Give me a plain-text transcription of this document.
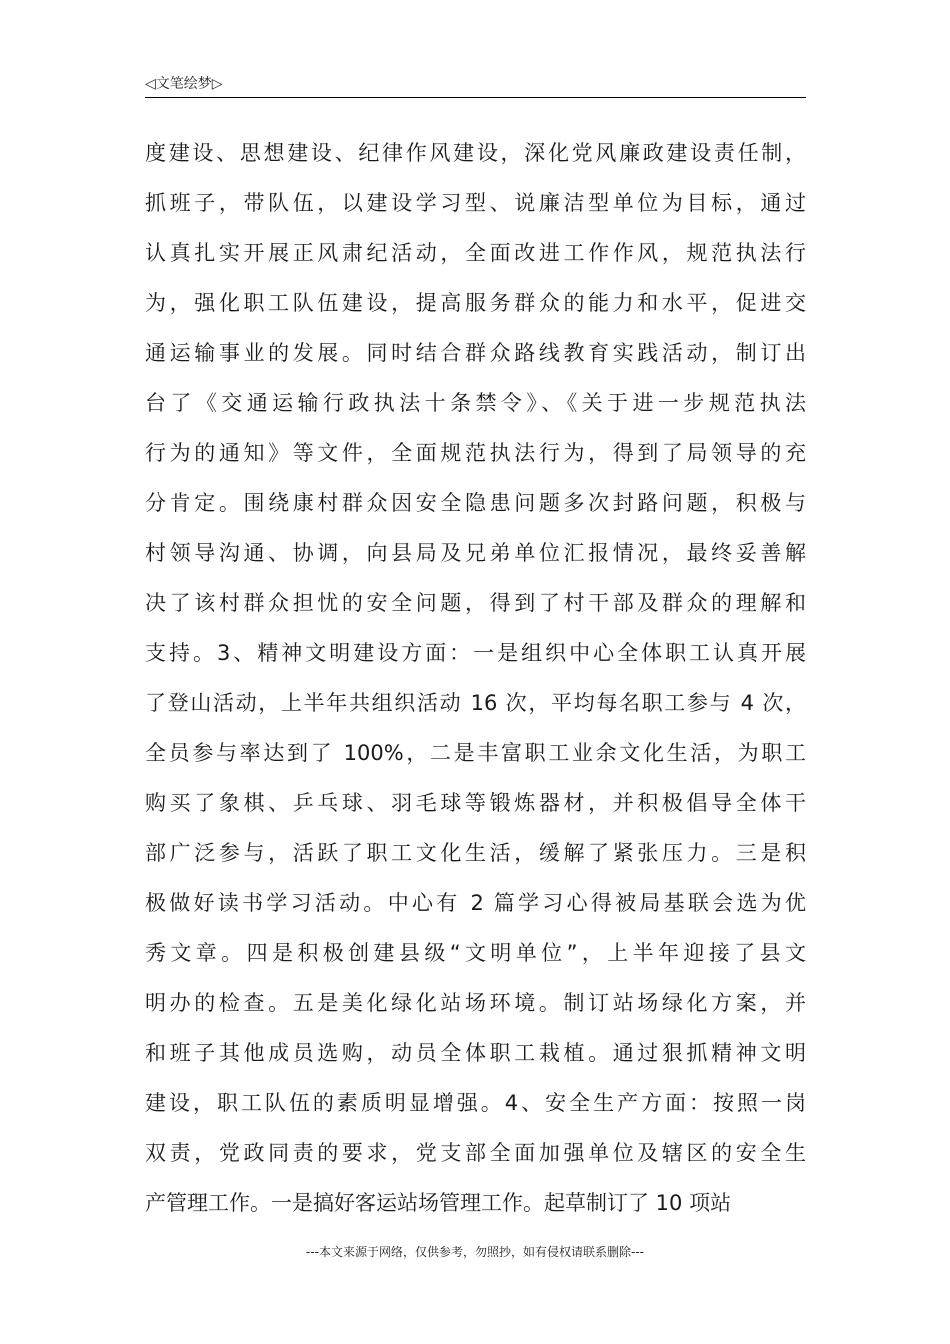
◁文笔绘梦▷
度建设、思想建设、纪律作风建设，深化党风廉政建设责任制，
抓班子，带队伍，以建设学习型、说廉洁型单位为目标，通过
认真扎实开展正风肃纪活动，全面改进工作作风，规范执法行
为，强化职工队伍建设，提高服务群众的能力和水平，促进交
通运输事业的发展。同时结合群众路线教育实践活动，制订出
台了《交通运输行政执法十条禁令》、《关于进一步规范执法
行为的通知》等文件，全面规范执法行为，得到了局领导的充
分肯定。围绕康村群众因安全隐患问题多次封路问题，积极与
村领导沟通、协调，向县局及兄弟单位汇报情况，最终妥善解
决了该村群众担忧的安全问题，得到了村干部及群众的理解和
支持。3、精神文明建设方面：一是组织中心全体职工认真开展
了登山活动，上半年共组织活动 16 次，平均每名职工参与 4 次，
全员参与率达到了 100%，二是丰富职工业余文化生活，为职工
购买了象棋、乒乓球、羽毛球等锻炼器材，并积极倡导全体干
部广泛参与，活跃了职工文化生活，缓解了紧张压力。三是积
极做好读书学习活动。中心有 2 篇学习心得被局基联会选为优
秀文章。四是积极创建县级“文明单位”，上半年迎接了县文
明办的检查。五是美化绿化站场环境。制订站场绿化方案，并
和班子其他成员选购，动员全体职工栽植。通过狠抓精神文明
建设，职工队伍的素质明显增强。4、安全生产方面：按照一岗
双责，党政同责的要求，党支部全面加强单位及辖区的安全生
产管理工作。一是搞好客运站场管理工作。起草制订了 10 项站
---本文来源于网络，仅供参考，勿照抄，如有侵权请联系删除---
